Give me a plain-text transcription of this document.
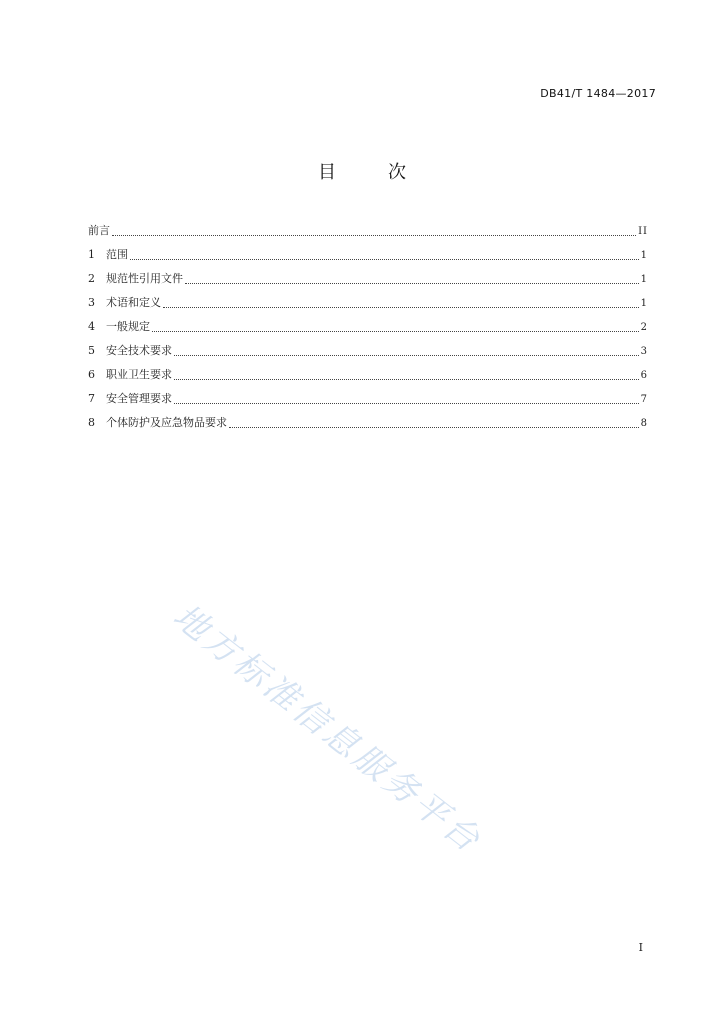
DB41/T 1484—2017
目	次
前言	II
1	范围	1
2	规范性引用文件	1
3	术语和定义	1
4	一般规定	2
5	安全技术要求	3
6	职业卫生要求	6
7	安全管理要求	7
8	个体防护及应急物品要求	8
地方标准信息服务平台
I
